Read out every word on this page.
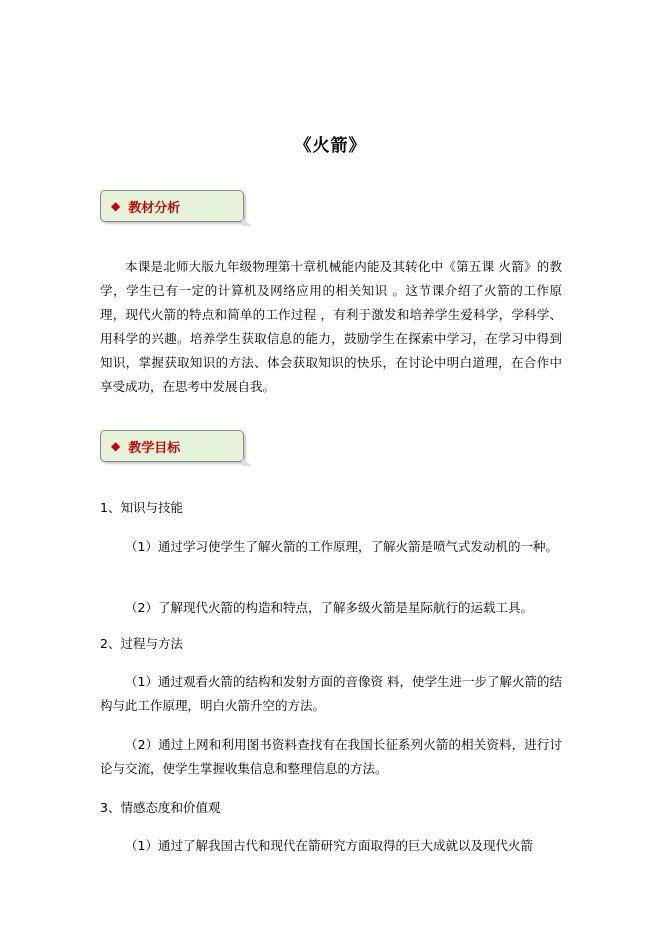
《火箭》
◆ 教材分析
本课是北师大版九年级物理第十章机械能内能及其转化中《第五课 火箭》的教学，学生已有一定的计算机及网络应用的相关知识 。这节课介绍了火箭的工作原理，现代火箭的特点和简单的工作过程 ，有利于激发和培养学生爱科学，学科学、用科学的兴趣。培养学生获取信息的能力，鼓励学生在探索中学习，在学习中得到知识，掌握获取知识的方法、体会获取知识的快乐，在讨论中明白道理，在合作中享受成功，在思考中发展自我。
◆ 教学目标
1、知识与技能
（1）通过学习使学生了解火箭的工作原理，了解火箭是喷气式发动机的一种。
（2）了解现代火箭的构造和特点，了解多级火箭是星际航行的运载工具。
2、过程与方法
（1）通过观看火箭的结构和发射方面的音像资 料，使学生进一步了解火箭的结构与此工作原理，明白火箭升空的方法。
（2）通过上网和利用图书资料查找有在我国长征系列火箭的相关资料，进行讨论与交流，使学生掌握收集信息和整理信息的方法。
3、情感态度和价值观
（1）通过了解我国古代和现代在箭研究方面取得的巨大成就以及现代火箭
